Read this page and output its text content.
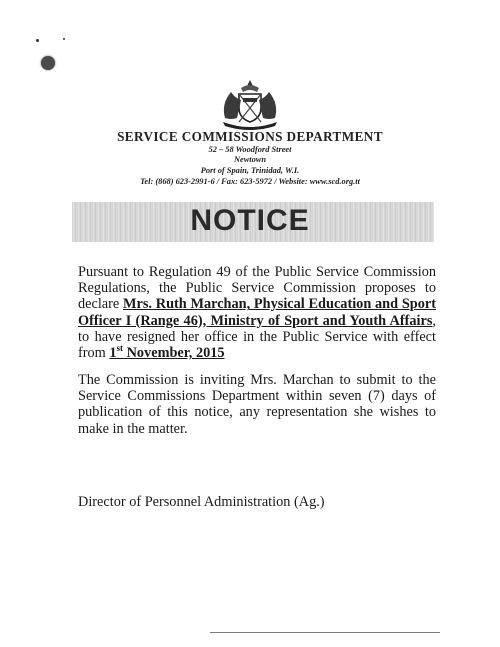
SERVICE COMMISSIONS DEPARTMENT
52 – 58 Woodford Street
Newtown
Port of Spain, Trinidad, W.I.
Tel: (868) 623-2991-6 / Fax: 623-5972 / Website: www.scd.org.tt
NOTICE
Pursuant to Regulation 49 of the Public Service Commission Regulations, the Public Service Commission proposes to declare Mrs. Ruth Marchan, Physical Education and Sport Officer I (Range 46), Ministry of Sport and Youth Affairs, to have resigned her office in the Public Service with effect from 1st November, 2015
The Commission is inviting Mrs. Marchan to submit to the Service Commissions Department within seven (7) days of publication of this notice, any representation she wishes to make in the matter.
Director of Personnel Administration (Ag.)
